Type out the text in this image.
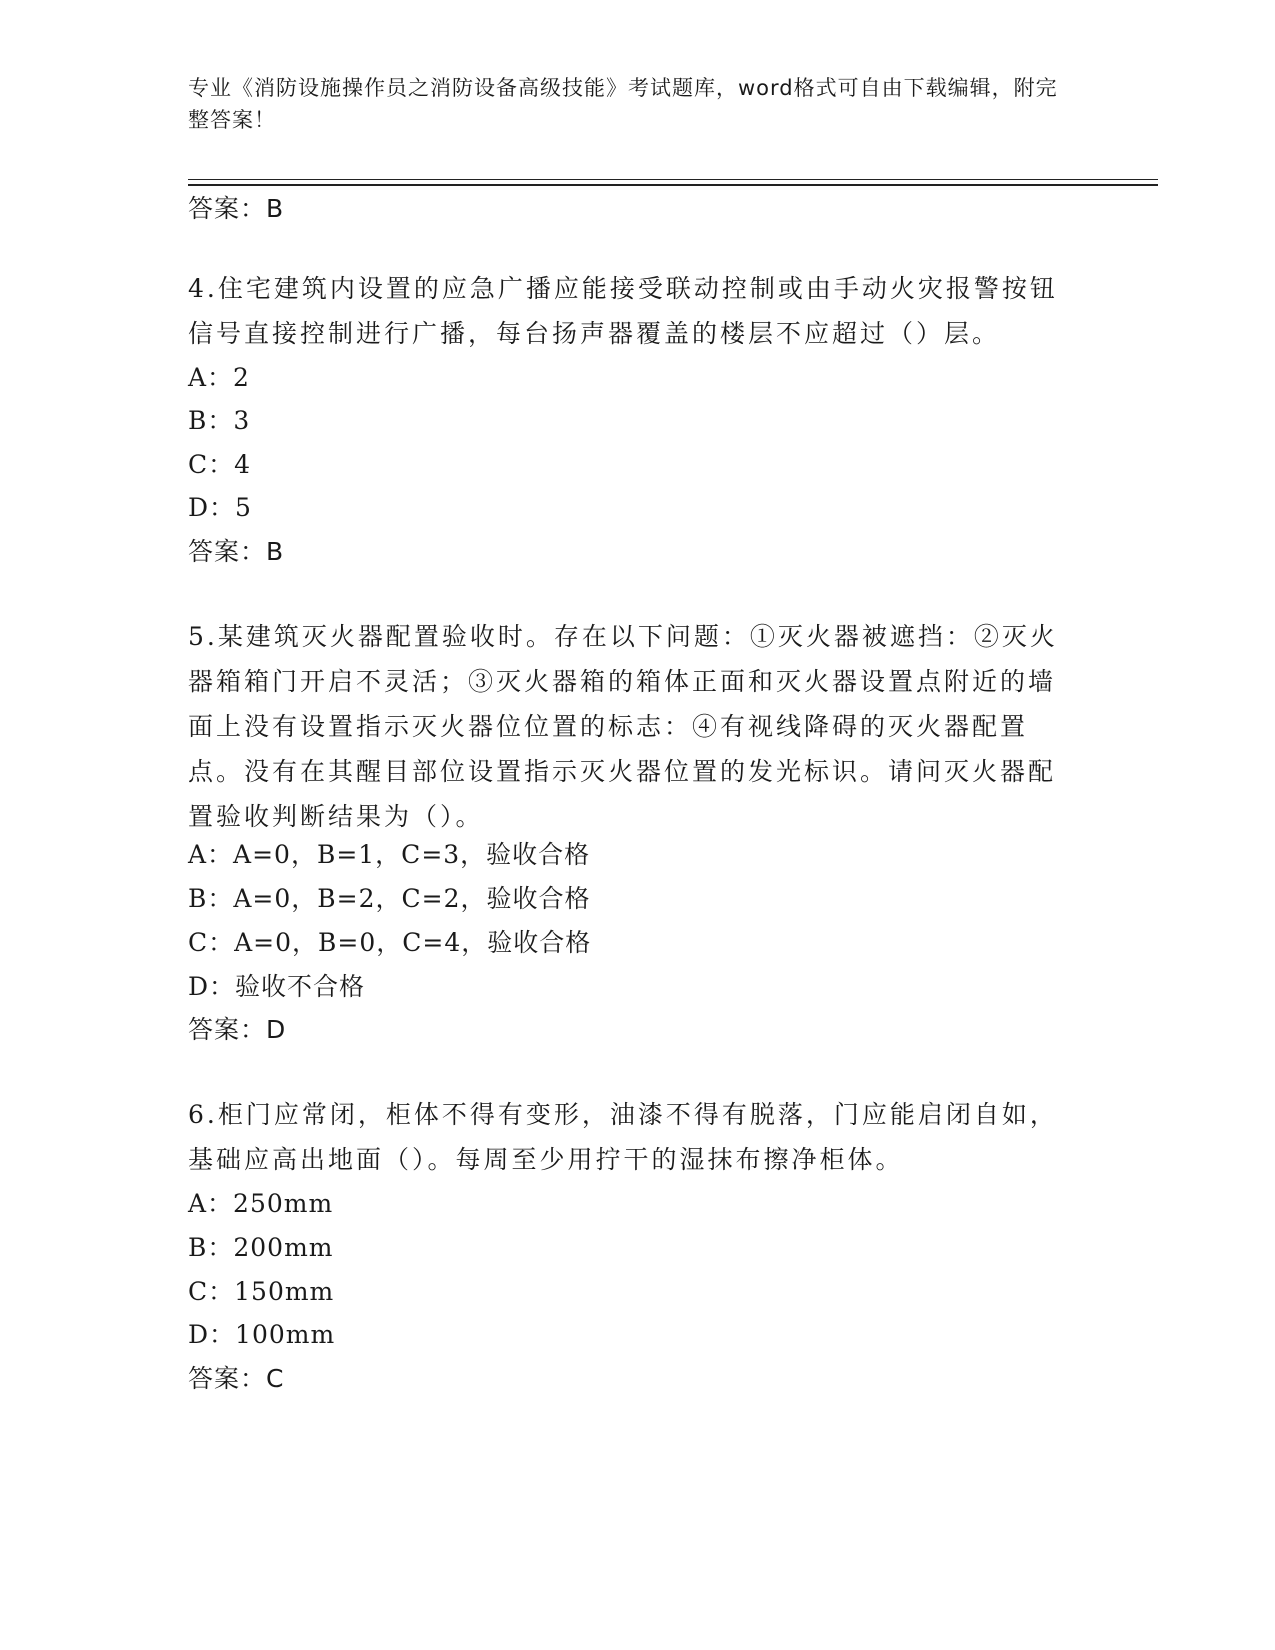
专业《消防设施操作员之消防设备高级技能》考试题库，word格式可自由下载编辑，附完整答案！
答案：B
4.住宅建筑内设置的应急广播应能接受联动控制或由手动火灾报警按钮信号直接控制进行广播，每台扬声器覆盖的楼层不应超过（）层。
A：2
B：3
C：4
D：5
答案：B
5.某建筑灭火器配置验收时。存在以下问题：①灭火器被遮挡：②灭火器箱箱门开启不灵活；③灭火器箱的箱体正面和灭火器设置点附近的墙面上没有设置指示灭火器位位置的标志：④有视线降碍的灭火器配置点。没有在其醒目部位设置指示灭火器位置的发光标识。请问灭火器配置验收判断结果为（）。
A：A=0，B=1，C=3，验收合格
B：A=0，B=2，C=2，验收合格
C：A=0，B=0，C=4，验收合格
D：验收不合格
答案：D
6.柜门应常闭，柜体不得有变形，油漆不得有脱落，门应能启闭自如，基础应高出地面（）。每周至少用拧干的湿抹布擦净柜体。
A：250mm
B：200mm
C：150mm
D：100mm
答案：C
